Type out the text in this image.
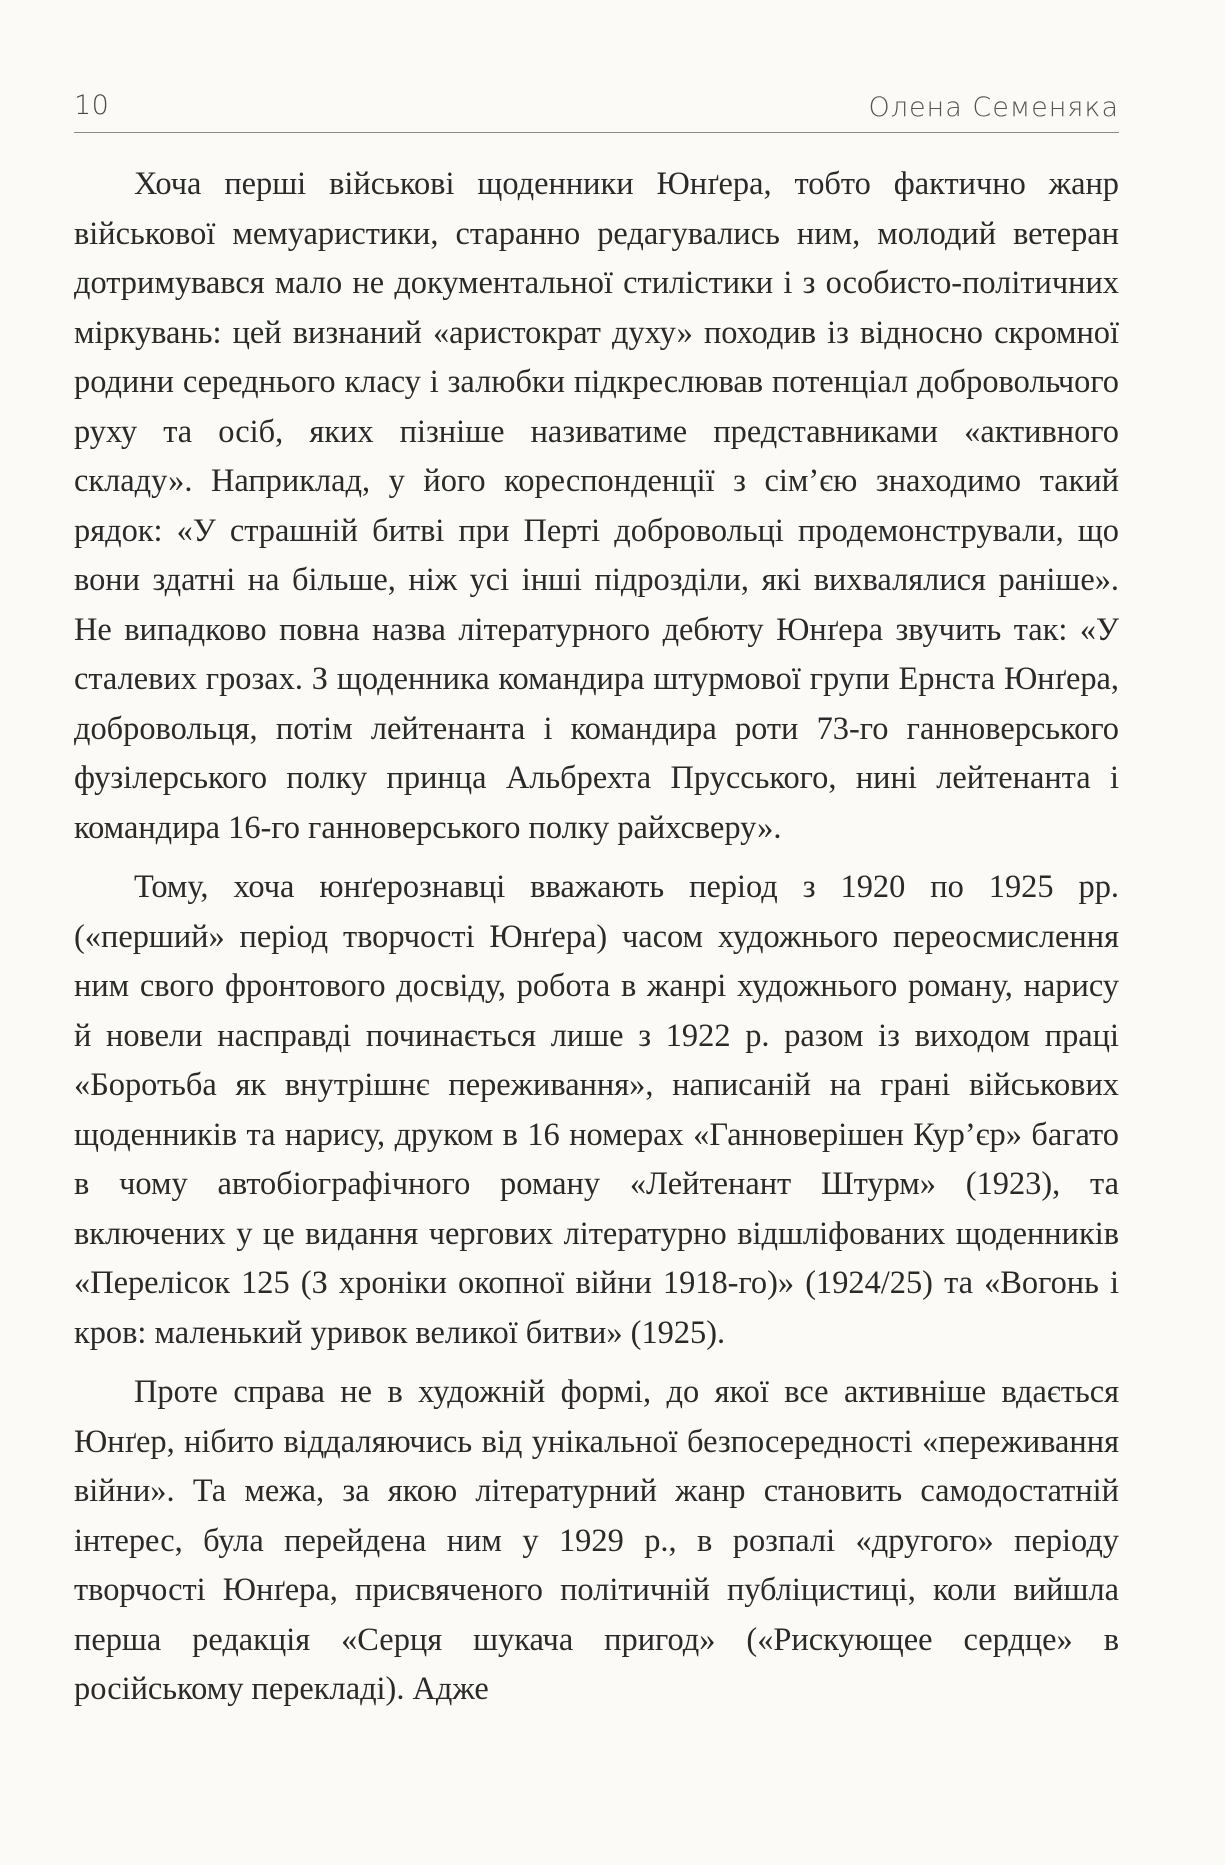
10	Олена Семеняка

Хоча перші військові щоденники Юнґера, тобто фактично жанр військової мемуаристики, старанно редагувались ним, молодий ветеран дотримувався мало не документальної стилістики і з особисто-політичних міркувань: цей визнаний «аристократ духу» походив із відносно скромної родини середнього класу і залюбки підкреслював потенціал добровольчого руху та осіб, яких пізніше називатиме представниками «активного складу». Наприклад, у його кореспонденції з сім’єю знаходимо такий рядок: «У страшній битві при Перті добровольці продемонстрували, що вони здатні на більше, ніж усі інші підрозділи, які вихвалялися раніше». Не випадково повна назва літературного дебюту Юнґера звучить так: «У сталевих грозах. З щоденника командира штурмової групи Ернста Юнґера, добровольця, потім лейтенанта і командира роти 73-го ганноверського фузілерського полку принца Альбрехта Прусського, нині лейтенанта і командира 16-го ганноверського полку райхсверу».

Тому, хоча юнґерознавці вважають період з 1920 по 1925 рр. («перший» період творчості Юнґера) часом художнього переосмислення ним свого фронтового досвіду, робота в жанрі художнього роману, нарису й новели насправді починається лише з 1922 р. разом із виходом праці «Боротьба як внутрішнє переживання», написаній на грані військових щоденників та нарису, друком в 16 номерах «Ганноверішен Кур’єр» багато в чому автобіографічного роману «Лейтенант Штурм» (1923), та включених у це видання чергових літературно відшліфованих щоденників «Перелісок 125 (З хроніки окопної війни 1918-го)» (1924/25) та «Вогонь і кров: маленький уривок великої битви» (1925).

Проте справа не в художній формі, до якої все активніше вдається Юнґер, нібито віддаляючись від унікальної безпосередності «переживання війни». Та межа, за якою літературний жанр становить самодостатній інтерес, була перейдена ним у 1929 р., в розпалі «другого» періоду творчості Юнґера, присвяченого політичній публіцистиці, коли вийшла перша редакція «Серця шукача пригод» («Рискующее сердце» в російському перекладі). Адже
